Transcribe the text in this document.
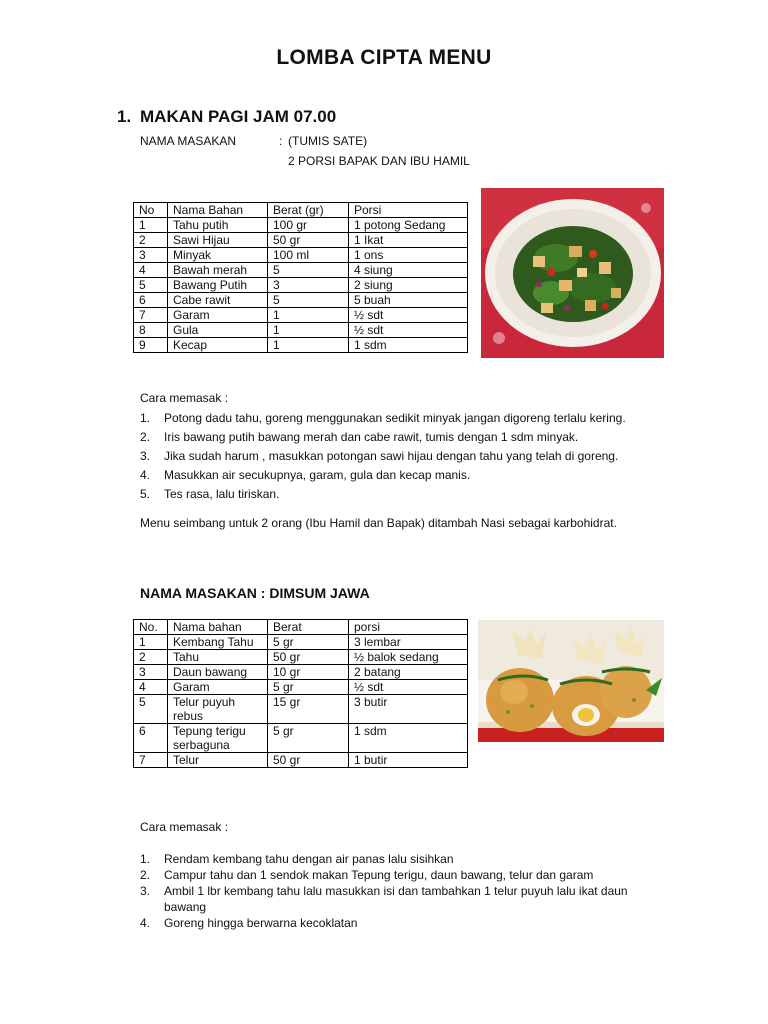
LOMBA CIPTA MENU
1. MAKAN PAGI JAM 07.00
NAMA MASAKAN	: (TUMIS SATE)
2 PORSI BAPAK DAN IBU HAMIL
No	Nama Bahan	Berat (gr)	Porsi
1	Tahu putih	100 gr	1 potong Sedang
2	Sawi Hijau	50 gr	1 Ikat
3	Minyak	100 ml	1 ons
4	Bawah merah	5	4 siung
5	Bawang Putih	3	2 siung
6	Cabe rawit	5	5 buah
7	Garam	1	½ sdt
8	Gula	1	½ sdt
9	Kecap	1	1 sdm
Cara memasak :
1. Potong dadu tahu, goreng menggunakan sedikit minyak jangan digoreng terlalu kering.
2. Iris bawang putih bawang merah dan cabe rawit, tumis dengan 1 sdm minyak.
3. Jika sudah harum , masukkan potongan sawi hijau dengan tahu yang telah di goreng.
4. Masukkan air secukupnya, garam, gula dan kecap manis.
5. Tes rasa, lalu tiriskan.
Menu seimbang untuk 2 orang (Ibu Hamil dan Bapak) ditambah Nasi sebagai karbohidrat.
NAMA MASAKAN : DIMSUM JAWA
No.	Nama bahan	Berat	porsi
1	Kembang Tahu	5 gr	3 lembar
2	Tahu	50 gr	½ balok sedang
3	Daun bawang	10 gr	2 batang
4	Garam	5 gr	½ sdt
5	Telur puyuh rebus	15 gr	3 butir
6	Tepung terigu serbaguna	5 gr	1 sdm
7	Telur	50 gr	1 butir
Cara memasak :
1. Rendam kembang tahu dengan air panas lalu sisihkan
2. Campur tahu dan 1 sendok makan Tepung terigu, daun bawang, telur dan garam
3. Ambil 1 lbr kembang tahu lalu masukkan isi dan tambahkan 1 telur puyuh lalu ikat daun bawang
4. Goreng hingga berwarna kecoklatan
